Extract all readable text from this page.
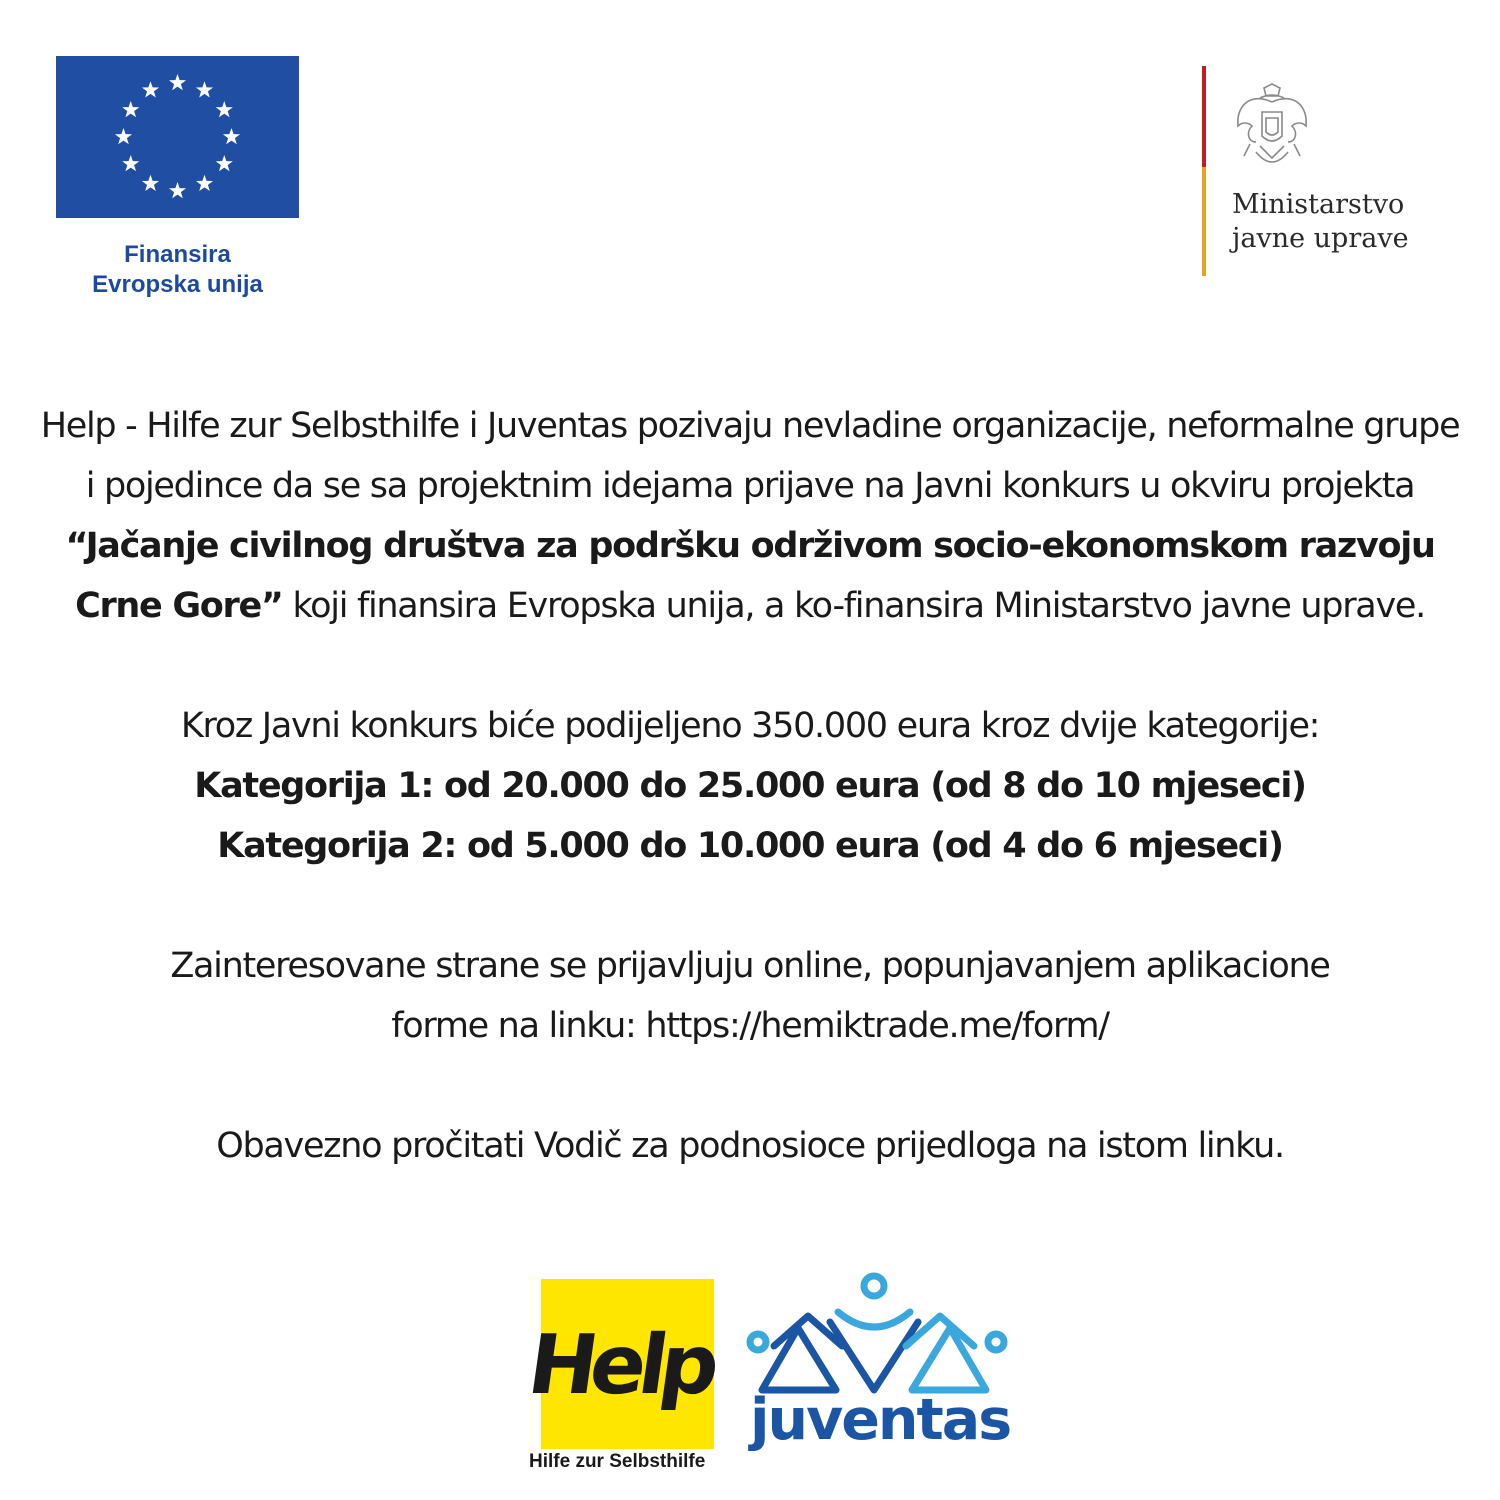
Finansira
Evropska unija
Ministarstvo
javne uprave

Help - Hilfe zur Selbsthilfe i Juventas pozivaju nevladine organizacije, neformalne grupe i pojedince da se sa projektnim idejama prijave na Javni konkurs u okviru projekta “Jačanje civilnog društva za podršku održivom socio-ekonomskom razvoju Crne Gore” koji finansira Evropska unija, a ko-finansira Ministarstvo javne uprave.

Kroz Javni konkurs biće podijeljeno 350.000 eura kroz dvije kategorije:

Kategorija 1: od 20.000 do 25.000 eura (od 8 do 10 mjeseci)

Kategorija 2: od 5.000 do 10.000 eura (od 4 do 6 mjeseci)

Zainteresovane strane se prijavljuju online, popunjavanjem aplikacione

forme na linku: https://hemiktrade.me/form/

Obavezno pročitati Vodič za podnosioce prijedloga na istom linku.

Help
Hilfe zur Selbsthilfe
juventas
